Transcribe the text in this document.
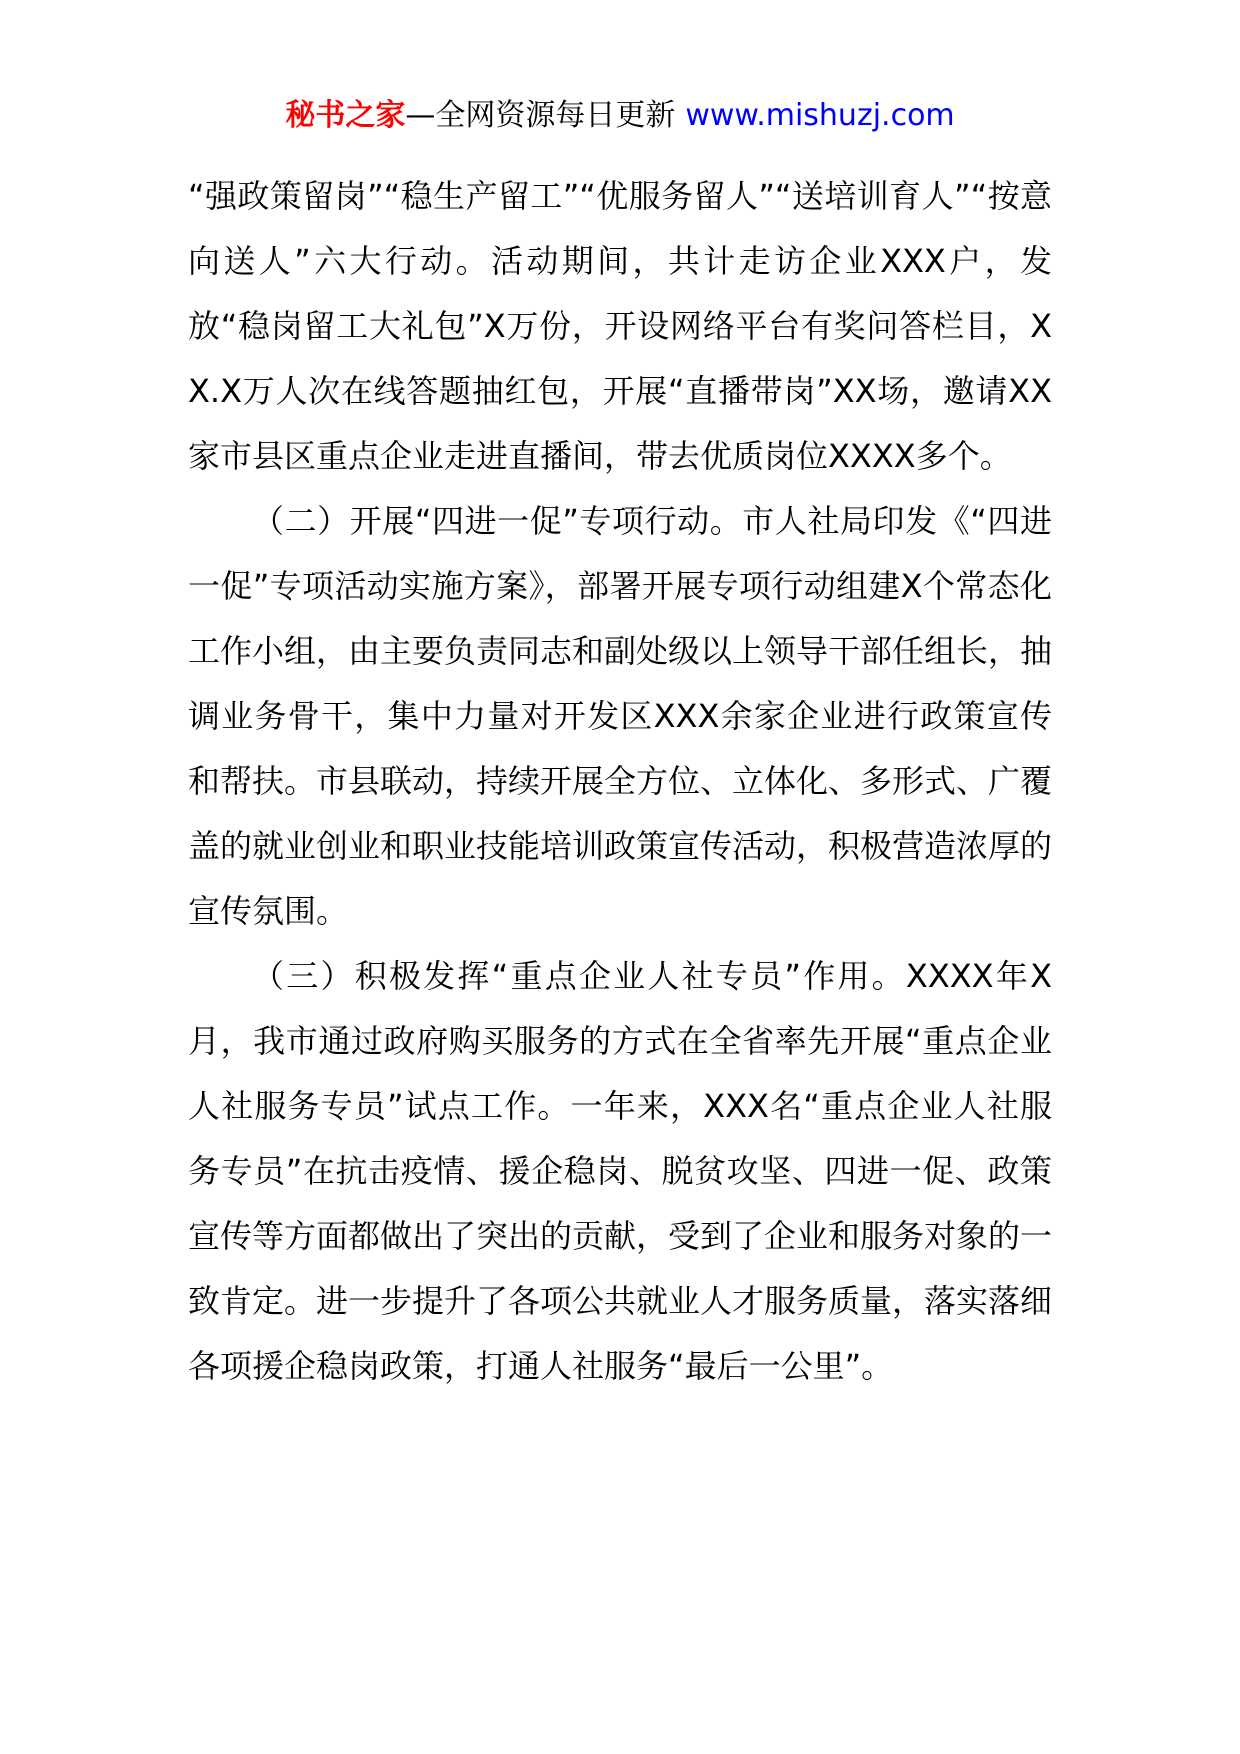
秘书之家—全网资源每日更新 www.mishuzj.com

“强政策留岗”“稳生产留工”“优服务留人”“送培训育人”“按意向送人”六大行动。活动期间，共计走访企业XXX户，发放“稳岗留工大礼包”X万份，开设网络平台有奖问答栏目，XX.X万人次在线答题抽红包，开展“直播带岗”XX场，邀请XX家市县区重点企业走进直播间，带去优质岗位XXXX多个。

（二）开展“四进一促”专项行动。市人社局印发《“四进一促”专项活动实施方案》，部署开展专项行动组建X个常态化工作小组，由主要负责同志和副处级以上领导干部任组长，抽调业务骨干，集中力量对开发区XXX余家企业进行政策宣传和帮扶。市县联动，持续开展全方位、立体化、多形式、广覆盖的就业创业和职业技能培训政策宣传活动，积极营造浓厚的宣传氛围。

（三）积极发挥“重点企业人社专员”作用。XXXX年X月，我市通过政府购买服务的方式在全省率先开展“重点企业人社服务专员”试点工作。一年来，XXX名“重点企业人社服务专员”在抗击疫情、援企稳岗、脱贫攻坚、四进一促、政策宣传等方面都做出了突出的贡献，受到了企业和服务对象的一致肯定。进一步提升了各项公共就业人才服务质量，落实落细各项援企稳岗政策，打通人社服务“最后一公里”。
